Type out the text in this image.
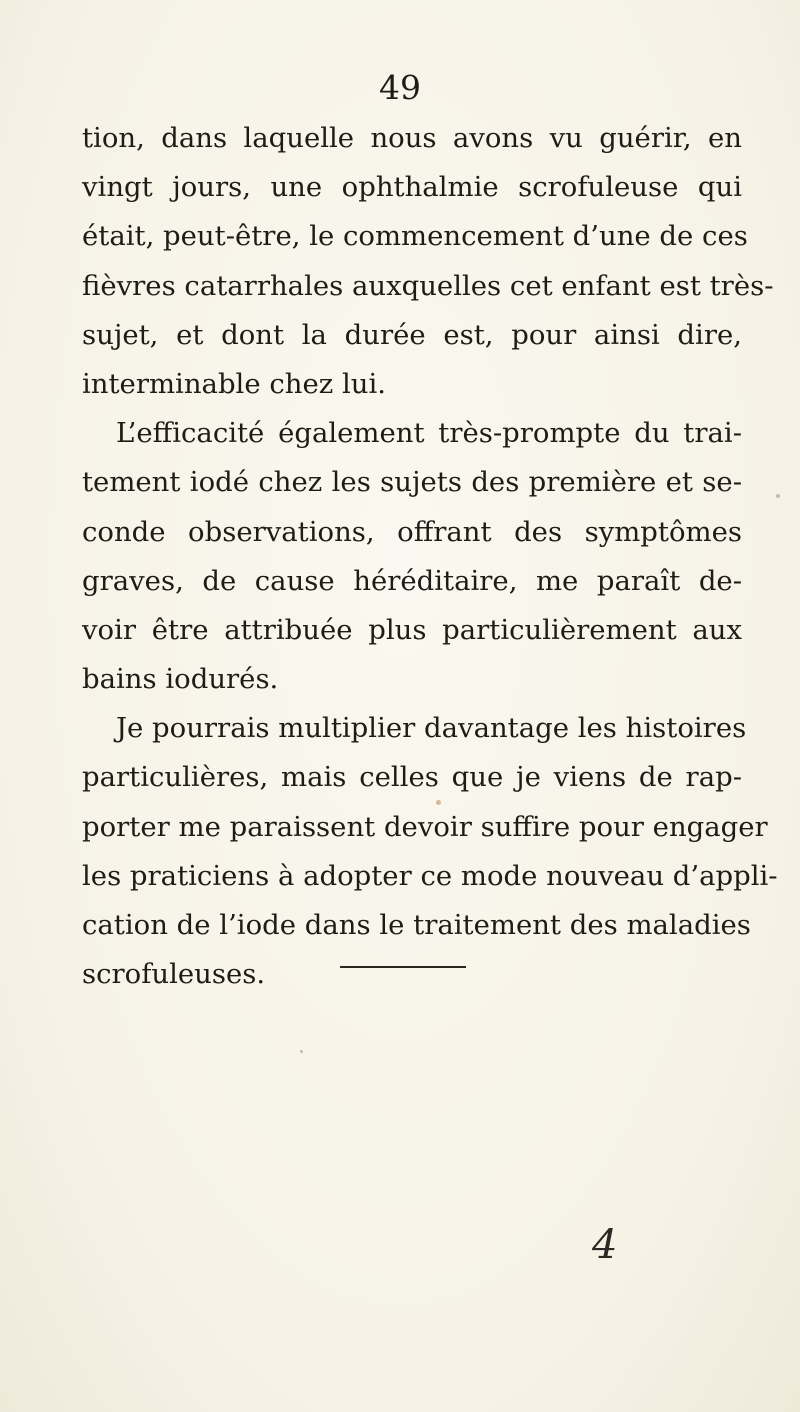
49
tion, dans laquelle nous avons vu guérir, en
vingt jours, une ophthalmie scrofuleuse qui
était, peut-être, le commencement d’une de ces
fièvres catarrhales auxquelles cet enfant est très-
sujet, et dont la durée est, pour ainsi dire,
interminable chez lui.
L’efficacité également très-prompte du trai-
tement iodé chez les sujets des première et se-
conde observations, offrant des symptômes
graves, de cause héréditaire, me paraît de-
voir être attribuée plus particulièrement aux
bains iodurés.
Je pourrais multiplier davantage les histoires
particulières, mais celles que je viens de rap-
porter me paraissent devoir suffire pour engager
les praticiens à adopter ce mode nouveau d’appli-
cation de l’iode dans le traitement des maladies
scrofuleuses.
4
